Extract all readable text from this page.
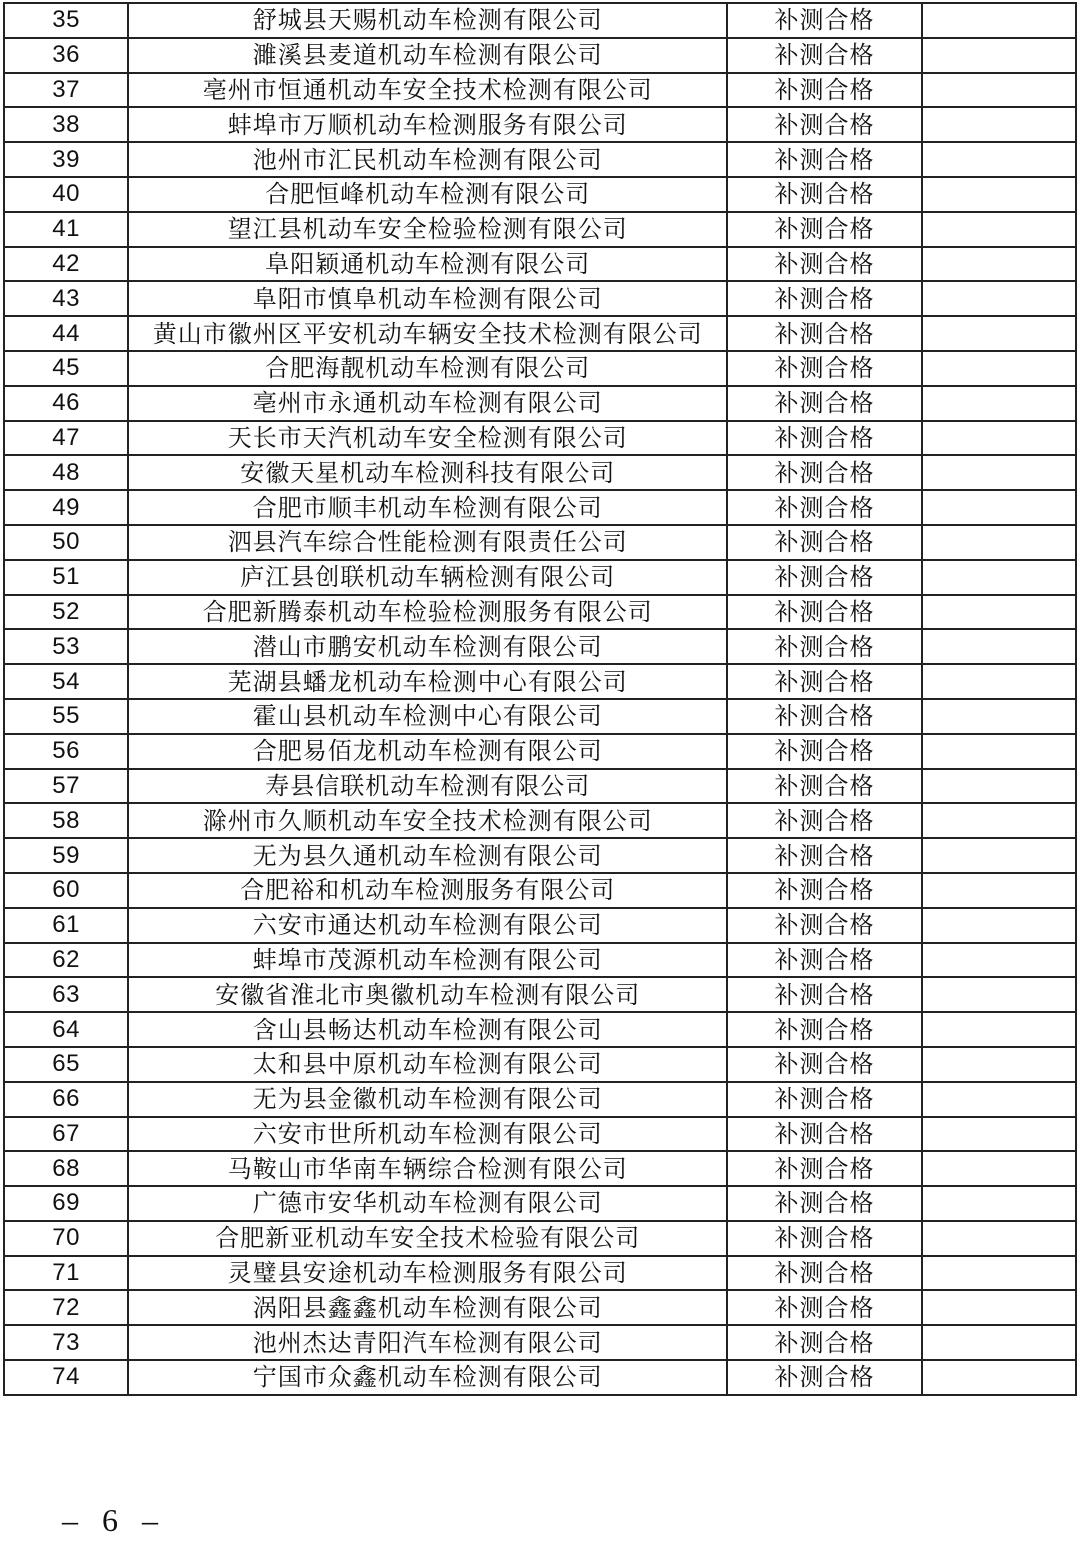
35	舒城县天赐机动车检测有限公司	补测合格	
36	濉溪县麦道机动车检测有限公司	补测合格	
37	亳州市恒通机动车安全技术检测有限公司	补测合格	
38	蚌埠市万顺机动车检测服务有限公司	补测合格	
39	池州市汇民机动车检测有限公司	补测合格	
40	合肥恒峰机动车检测有限公司	补测合格	
41	望江县机动车安全检验检测有限公司	补测合格	
42	阜阳颖通机动车检测有限公司	补测合格	
43	阜阳市慎阜机动车检测有限公司	补测合格	
44	黄山市徽州区平安机动车辆安全技术检测有限公司	补测合格	
45	合肥海靓机动车检测有限公司	补测合格	
46	亳州市永通机动车检测有限公司	补测合格	
47	天长市天汽机动车安全检测有限公司	补测合格	
48	安徽天星机动车检测科技有限公司	补测合格	
49	合肥市顺丰机动车检测有限公司	补测合格	
50	泗县汽车综合性能检测有限责任公司	补测合格	
51	庐江县创联机动车辆检测有限公司	补测合格	
52	合肥新腾泰机动车检验检测服务有限公司	补测合格	
53	潜山市鹏安机动车检测有限公司	补测合格	
54	芜湖县蟠龙机动车检测中心有限公司	补测合格	
55	霍山县机动车检测中心有限公司	补测合格	
56	合肥易佰龙机动车检测有限公司	补测合格	
57	寿县信联机动车检测有限公司	补测合格	
58	滁州市久顺机动车安全技术检测有限公司	补测合格	
59	无为县久通机动车检测有限公司	补测合格	
60	合肥裕和机动车检测服务有限公司	补测合格	
61	六安市通达机动车检测有限公司	补测合格	
62	蚌埠市茂源机动车检测有限公司	补测合格	
63	安徽省淮北市奥徽机动车检测有限公司	补测合格	
64	含山县畅达机动车检测有限公司	补测合格	
65	太和县中原机动车检测有限公司	补测合格	
66	无为县金徽机动车检测有限公司	补测合格	
67	六安市世所机动车检测有限公司	补测合格	
68	马鞍山市华南车辆综合检测有限公司	补测合格	
69	广德市安华机动车检测有限公司	补测合格	
70	合肥新亚机动车安全技术检验有限公司	补测合格	
71	灵璧县安途机动车检测服务有限公司	补测合格	
72	涡阳县鑫鑫机动车检测有限公司	补测合格	
73	池州杰达青阳汽车检测有限公司	补测合格	
74	宁国市众鑫机动车检测有限公司	补测合格	
– 6 –
